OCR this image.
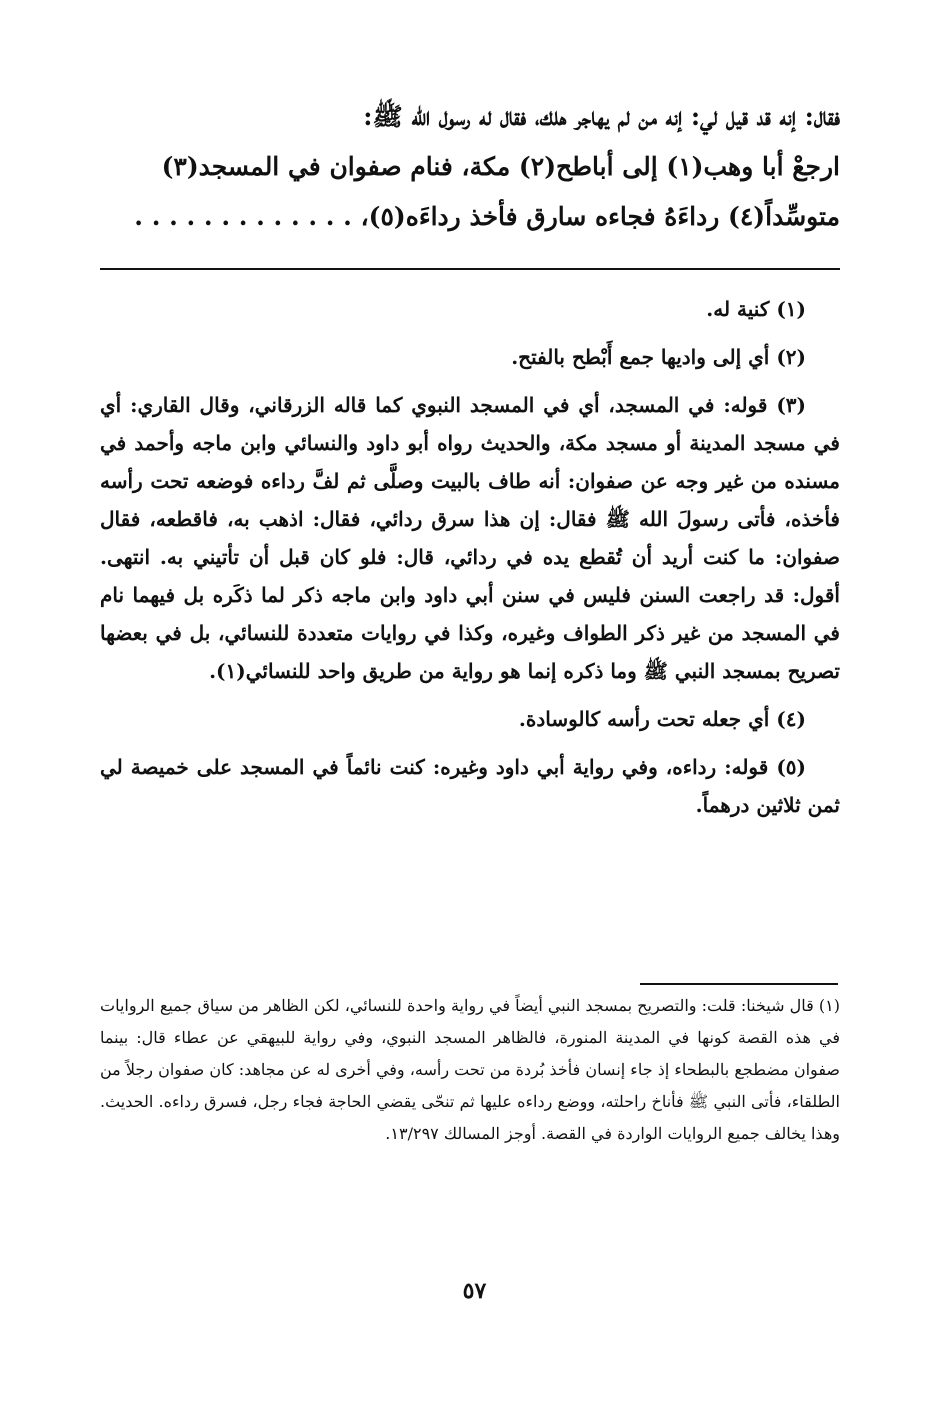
فقال: إنه قد قيل لي: إنه من لم يهاجر هلك، فقال له رسول الله ﷺ:

ارجعْ أبا وهب(١) إلى أباطح(٢) مكة، فنام صفوان في المسجد(٣)

متوسِّداً(٤) رداءَهُ فجاءه سارق فأخذ رداءَه(٥)، . . . . . . . . . . . . .

(١) كنية له.

(٢) أي إلى واديها جمع أَبْطح بالفتح.

(٣) قوله: في المسجد، أي في المسجد النبوي كما قاله الزرقاني، وقال القاري: أي في مسجد المدينة أو مسجد مكة، والحديث رواه أبو داود والنسائي وابن ماجه وأحمد في مسنده من غير وجه عن صفوان: أنه طاف بالبيت وصلَّى ثم لفَّ رداءه فوضعه تحت رأسه فأخذه، فأتى رسولَ الله ﷺ فقال: إن هذا سرق ردائي، فقال: اذهب به، فاقطعه، فقال صفوان: ما كنت أريد أن تُقطع يده في ردائي، قال: فلو كان قبل أن تأتيني به. انتهى. أقول: قد راجعت السنن فليس في سنن أبي داود وابن ماجه ذكر لما ذكَره بل فيهما نام في المسجد من غير ذكر الطواف وغيره، وكذا في روايات متعددة للنسائي، بل في بعضها تصريح بمسجد النبي ﷺ وما ذكره إنما هو رواية من طريق واحد للنسائي(١).

(٤) أي جعله تحت رأسه كالوسادة.

(٥) قوله: رداءه، وفي رواية أبي داود وغيره: كنت نائماً في المسجد على خميصة لي ثمن ثلاثين درهماً.

(١) قال شيخنا: قلت: والتصريح بمسجد النبي أيضاً في رواية واحدة للنسائي، لكن الظاهر من سياق جميع الروايات في هذه القصة كونها في المدينة المنورة، فالظاهر المسجد النبوي، وفي رواية للبيهقي عن عطاء قال: بينما صفوان مضطجع بالبطحاء إذ جاء إنسان فأخذ بُردة من تحت رأسه، وفي أخرى له عن مجاهد: كان صفوان رجلاً من الطلقاء، فأتى النبي ﷺ فأناخ راحلته، ووضع رداءه عليها ثم تنحّى يقضي الحاجة فجاء رجل، فسرق رداءه. الحديث. وهذا يخالف جميع الروايات الواردة في القصة. أوجز المسالك ١٣/٢٩٧.

٥٧
